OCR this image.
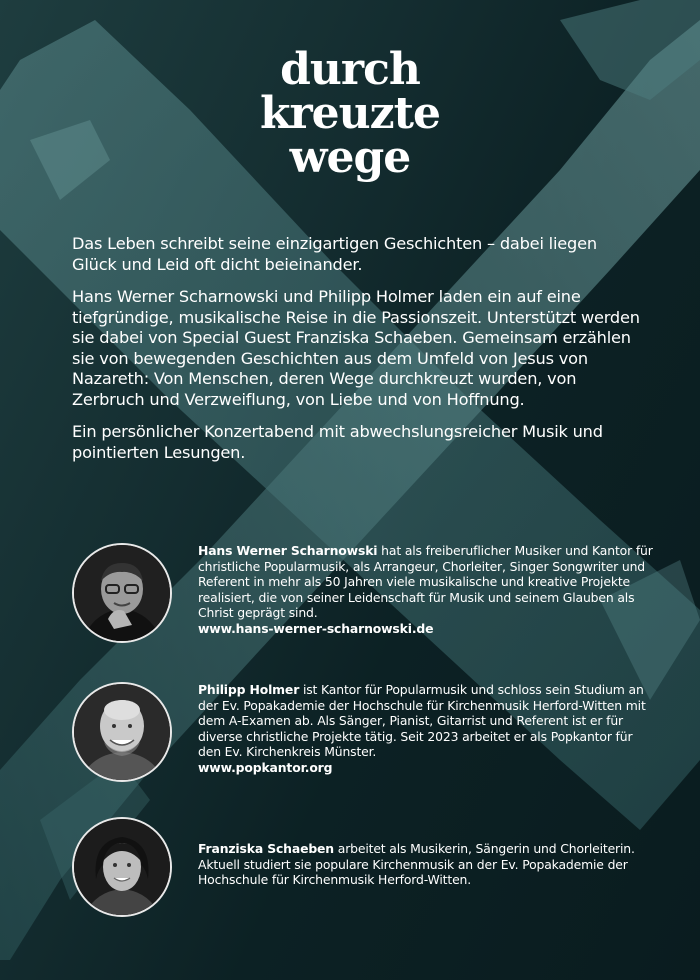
durch
kreuzte
wege

Das Leben schreibt seine einzigartigen Geschichten – dabei liegen Glück und Leid oft dicht beieinander.

Hans Werner Scharnowski und Philipp Holmer laden ein auf eine tiefgründige, musikalische Reise in die Passionszeit. Unterstützt werden sie dabei von Special Guest Franziska Schaeben. Gemeinsam erzählen sie von bewegenden Geschichten aus dem Umfeld von Jesus von Nazareth: Von Menschen, deren Wege durchkreuzt wurden, von Zerbruch und Verzweiflung, von Liebe und von Hoffnung.

Ein persönlicher Konzertabend mit abwechslungsreicher Musik und pointierten Lesungen.

Hans Werner Scharnowski hat als freiberuflicher Musiker und Kantor für christliche Popularmusik, als Arrangeur, Chorleiter, Singer Songwriter und Referent in mehr als 50 Jahren viele musikalische und kreative Projekte realisiert, die von seiner Leidenschaft für Musik und seinem Glauben als Christ geprägt sind.
www.hans-werner-scharnowski.de
Philipp Holmer ist Kantor für Popularmusik und schloss sein Studium an der Ev. Popakademie der Hochschule für Kirchenmusik Herford-Witten mit dem A-Examen ab. Als Sänger, Pianist, Gitarrist und Referent ist er für diverse christliche Projekte tätig. Seit 2023 arbeitet er als Popkantor für den Ev. Kirchenkreis Münster.
www.popkantor.org
Franziska Schaeben arbeitet als Musikerin, Sängerin und Chorleiterin. Aktuell studiert sie populare Kirchenmusik an der Ev. Popakademie der Hochschule für Kirchenmusik Herford-Witten.
